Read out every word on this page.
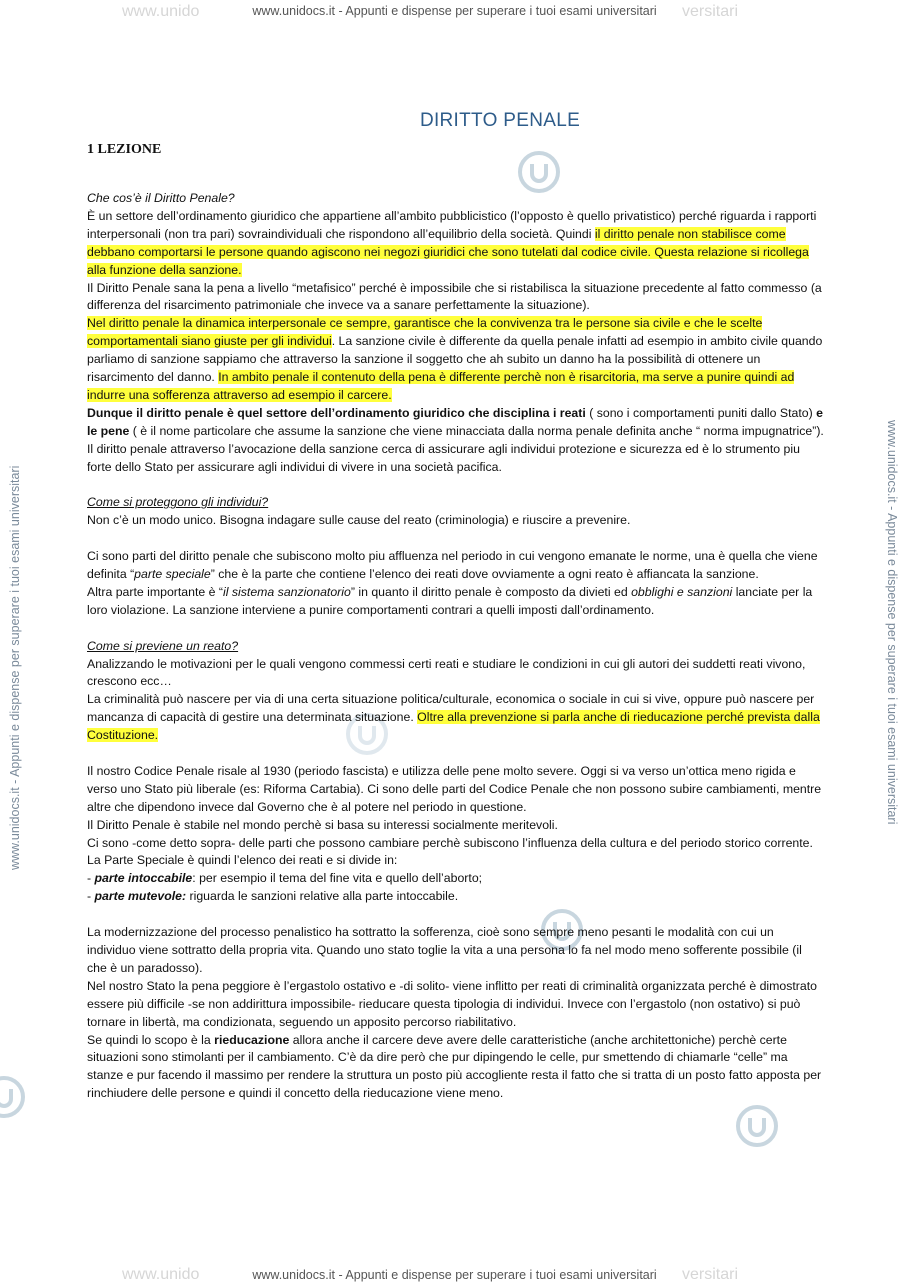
www.unido	versitari
www.unidocs.it - Appunti e dispense per superare i tuoi esami universitari
www.unido	versitari
www.unidocs.it - Appunti e dispense per superare i tuoi esami universitari
www.unidocs.it - Appunti e dispense per superare i tuoi esami universitari	www.unidocs.it - Appunti e dispense per superare i tuoi esami universitari
DIRITTO PENALE
1 LEZIONE

Che cos’è il Diritto Penale?

È un settore dell’ordinamento giuridico che appartiene all’ambito pubblicistico (l’opposto è quello privatistico) perché riguarda i rapporti interpersonali (non tra pari) sovraindividuali che rispondono all’equilibrio della società. Quindi il diritto penale non stabilisce come debbano comportarsi le persone quando agiscono nei negozi giuridici che sono tutelati dal codice civile. Questa relazione si ricollega alla funzione della sanzione.

Il Diritto Penale sana la pena a livello “metafisico” perché è impossibile che si ristabilisca la situazione precedente al fatto commesso (a differenza del risarcimento patrimoniale che invece va a sanare perfettamente la situazione).

Nel diritto penale la dinamica interpersonale ce sempre, garantisce che la convivenza tra le persone sia civile e che le scelte comportamentali siano giuste per gli individui. La sanzione civile è differente da quella penale infatti ad esempio in ambito civile quando parliamo di sanzione sappiamo che attraverso la sanzione il soggetto che ah subito un danno ha la possibilità di ottenere un risarcimento del danno. In ambito penale il contenuto della pena è differente perchè non è risarcitoria, ma serve a punire quindi ad indurre una sofferenza attraverso ad esempio il carcere.

Dunque il diritto penale è quel settore dell’ordinamento giuridico che disciplina i reati ( sono i comportamenti puniti dallo Stato) e le pene ( è il nome particolare che assume la sanzione che viene minacciata dalla norma penale definita anche “ norma impugnatrice”).

Il diritto penale attraverso l’avocazione della sanzione cerca di assicurare agli individui protezione e sicurezza ed è lo strumento piu forte dello Stato per assicurare agli individui di vivere in una società pacifica.

Come si proteggono gli individui?

Non c’è un modo unico. Bisogna indagare sulle cause del reato (criminologia) e riuscire a prevenire.

Ci sono parti del diritto penale che subiscono molto piu affluenza nel periodo in cui vengono emanate le norme, una è quella che viene definita “parte speciale” che è la parte che contiene l’elenco dei reati dove ovviamente a ogni reato è affiancata la sanzione.

Altra parte importante è “il sistema sanzionatorio” in quanto il diritto penale è composto da divieti ed obblighi e sanzioni lanciate per la loro violazione. La sanzione interviene a punire comportamenti contrari a quelli imposti dall’ordinamento.

Come si previene un reato?

Analizzando le motivazioni per le quali vengono commessi certi reati e studiare le condizioni in cui gli autori dei suddetti reati vivono, crescono ecc…

La criminalità può nascere per via di una certa situazione politica/culturale, economica o sociale in cui si vive, oppure può nascere per mancanza di capacità di gestire una determinata situazione. Oltre alla prevenzione si parla anche di rieducazione perché prevista dalla Costituzione.

Il nostro Codice Penale risale al 1930 (periodo fascista) e utilizza delle pene molto severe. Oggi si va verso un’ottica meno rigida e verso uno Stato più liberale (es: Riforma Cartabia). Ci sono delle parti del Codice Penale che non possono subire cambiamenti, mentre altre che dipendono invece dal Governo che è al potere nel periodo in questione.

Il Diritto Penale è stabile nel mondo perchè si basa su interessi socialmente meritevoli.

Ci sono -come detto sopra- delle parti che possono cambiare perchè subiscono l’influenza della cultura e del periodo storico corrente.

La Parte Speciale è quindi l’elenco dei reati e si divide in:

- parte intoccabile: per esempio il tema del fine vita e quello dell’aborto;

- parte mutevole: riguarda le sanzioni relative alla parte intoccabile.

La modernizzazione del processo penalistico ha sottratto la sofferenza, cioè sono sempre meno pesanti le modalità con cui un individuo viene sottratto della propria vita. Quando uno stato toglie la vita a una persona lo fa nel modo meno sofferente possibile (il che è un paradosso).

Nel nostro Stato la pena peggiore è l’ergastolo ostativo e -di solito- viene inflitto per reati di criminalità organizzata perché è dimostrato essere più difficile -se non addirittura impossibile- rieducare questa tipologia di individui. Invece con l’ergastolo (non ostativo) si può tornare in libertà, ma condizionata, seguendo un apposito percorso riabilitativo.

Se quindi lo scopo è la rieducazione allora anche il carcere deve avere delle caratteristiche (anche architettoniche) perchè certe situazioni sono stimolanti per il cambiamento. C’è da dire però che pur dipingendo le celle, pur smettendo di chiamarle “celle” ma stanze e pur facendo il massimo per rendere la struttura un posto più accogliente resta il fatto che si tratta di un posto fatto apposta per rinchiudere delle persone e quindi il concetto della rieducazione viene meno.
